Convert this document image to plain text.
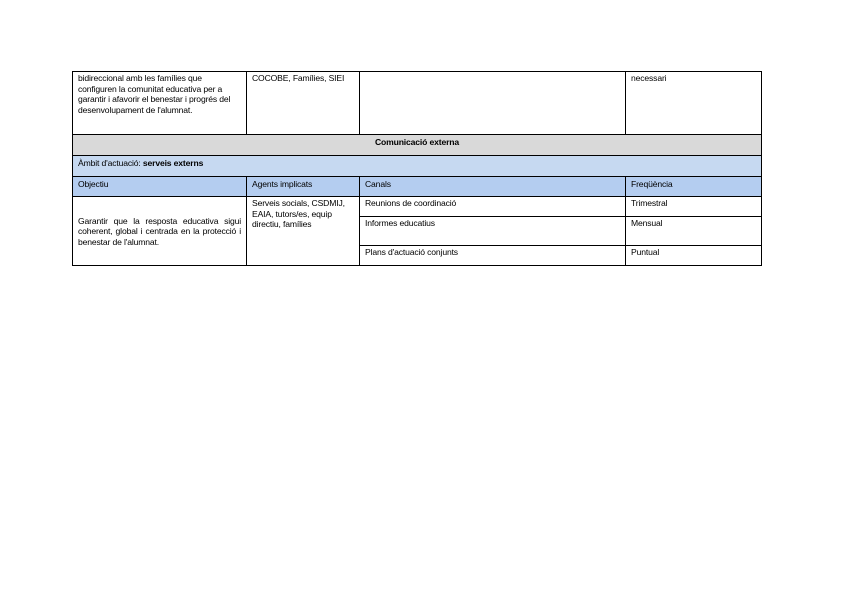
bidireccional amb les famílies que configuren la comunitat educativa per a garantir i afavorir el benestar i progrés del desenvolupament de l'alumnat.	COCOBE, Famílies, SIEI		necessari
Comunicació externa			
Àmbit d'actuació: serveis externs			
Objectiu	Agents implicats	Canals	Freqüència
Garantir que la resposta educativa sigui coherent, global i centrada en la protecció i benestar de l'alumnat.	Serveis socials, CSDMIJ, EAIA, tutors/es, equip directiu, famílies	Reunions de coordinació	Trimestral
		Informes educatius	Mensual
		Plans d'actuació conjunts	Puntual
